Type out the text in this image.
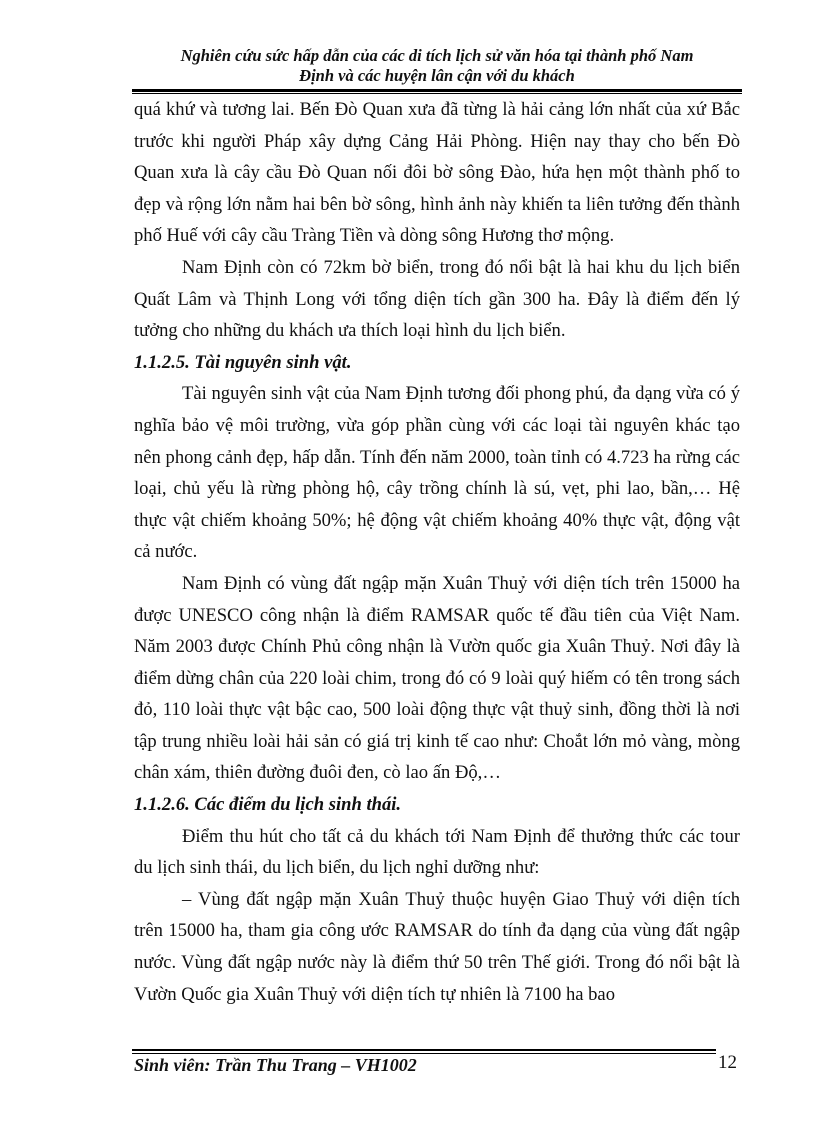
Nghiên cứu sức hấp dẫn của các di tích lịch sử văn hóa tại thành phố Nam
Định và các huyện lân cận với du khách

quá khứ và tương lai. Bến Đò Quan xưa đã từng là hải cảng lớn nhất của xứ Bắc trước khi người Pháp xây dựng Cảng Hải Phòng. Hiện nay thay cho bến Đò Quan xưa là cây cầu Đò Quan nối đôi bờ sông Đào, hứa hẹn một thành phố to đẹp và rộng lớn nằm hai bên bờ sông, hình ảnh này khiến ta liên tưởng đến thành phố Huế với cây cầu Tràng Tiền và dòng sông Hương thơ mộng.

Nam Định còn có 72km bờ biển, trong đó nổi bật là hai khu du lịch biển Quất Lâm và Thịnh Long với tổng diện tích gần 300 ha. Đây là điểm đến lý tưởng cho những du khách ưa thích loại hình du lịch biển.

1.1.2.5. Tài nguyên sinh vật.

Tài nguyên sinh vật của Nam Định tương đối phong phú, đa dạng vừa có ý nghĩa bảo vệ môi trường, vừa góp phần cùng với các loại tài nguyên khác tạo nên phong cảnh đẹp, hấp dẫn. Tính đến năm 2000, toàn tỉnh có 4.723 ha rừng các loại, chủ yếu là rừng phòng hộ, cây trồng chính là sú, vẹt, phi lao, bần,… Hệ thực vật chiếm khoảng 50%; hệ động vật chiếm khoảng 40% thực vật, động vật cả nước.

Nam Định có vùng đất ngập mặn Xuân Thuỷ với diện tích trên 15000 ha được UNESCO công nhận là điểm RAMSAR quốc tế đầu tiên của Việt Nam. Năm 2003 được Chính Phủ công nhận là Vườn quốc gia Xuân Thuỷ. Nơi đây là điểm dừng chân của 220 loài chim, trong đó có 9 loài quý hiếm có tên trong sách đỏ, 110 loài thực vật bậc cao, 500 loài động thực vật thuỷ sinh, đồng thời là nơi tập trung nhiều loài hải sản có giá trị kinh tế cao như: Choắt lớn mỏ vàng, mòng chân xám, thiên đường đuôi đen, cò lao ấn Độ,…

1.1.2.6. Các điểm du lịch sinh thái.

Điểm thu hút cho tất cả du khách tới Nam Định để thưởng thức các tour du lịch sinh thái, du lịch biển, du lịch nghỉ dưỡng như:

– Vùng đất ngập mặn Xuân Thuỷ thuộc huyện Giao Thuỷ với diện tích trên 15000 ha, tham gia công ước RAMSAR do tính đa dạng của vùng đất ngập nước. Vùng đất ngập nước này là điểm thứ 50 trên Thế giới. Trong đó nổi bật là Vườn Quốc gia Xuân Thuỷ với diện tích tự nhiên là 7100 ha bao

Sinh viên: Trần Thu Trang – VH1002	12
